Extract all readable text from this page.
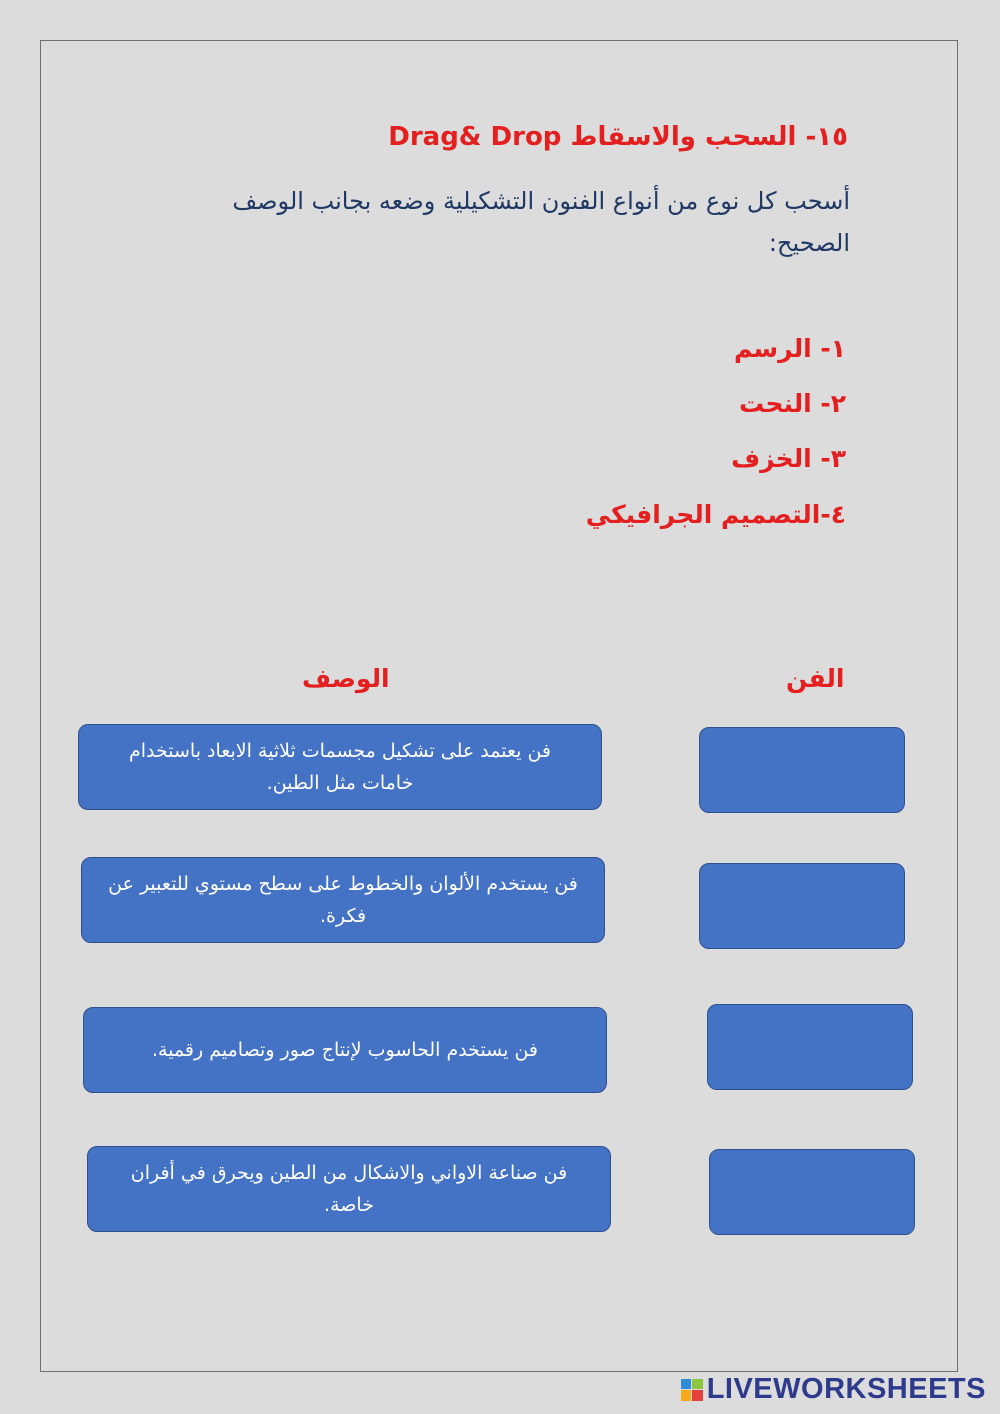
١٥- السحب والاسقاط Drag& Drop
أسحب كل نوع من أنواع الفنون التشكيلية وضعه بجانب الوصف الصحيح:
١- الرسم
٢- النحت
٣- الخزف
٤-التصميم الجرافيكي
الفن
الوصف
فن يعتمد على تشكيل مجسمات ثلاثية الابعاد باستخدام خامات مثل الطين.
فن يستخدم الألوان والخطوط على سطح مستوي للتعبير عن فكرة.
فن يستخدم الحاسوب لإنتاج صور وتصاميم رقمية.
فن صناعة الاواني والاشكال من الطين ويحرق في أفران خاصة.
LIVEWORKSHEETS
